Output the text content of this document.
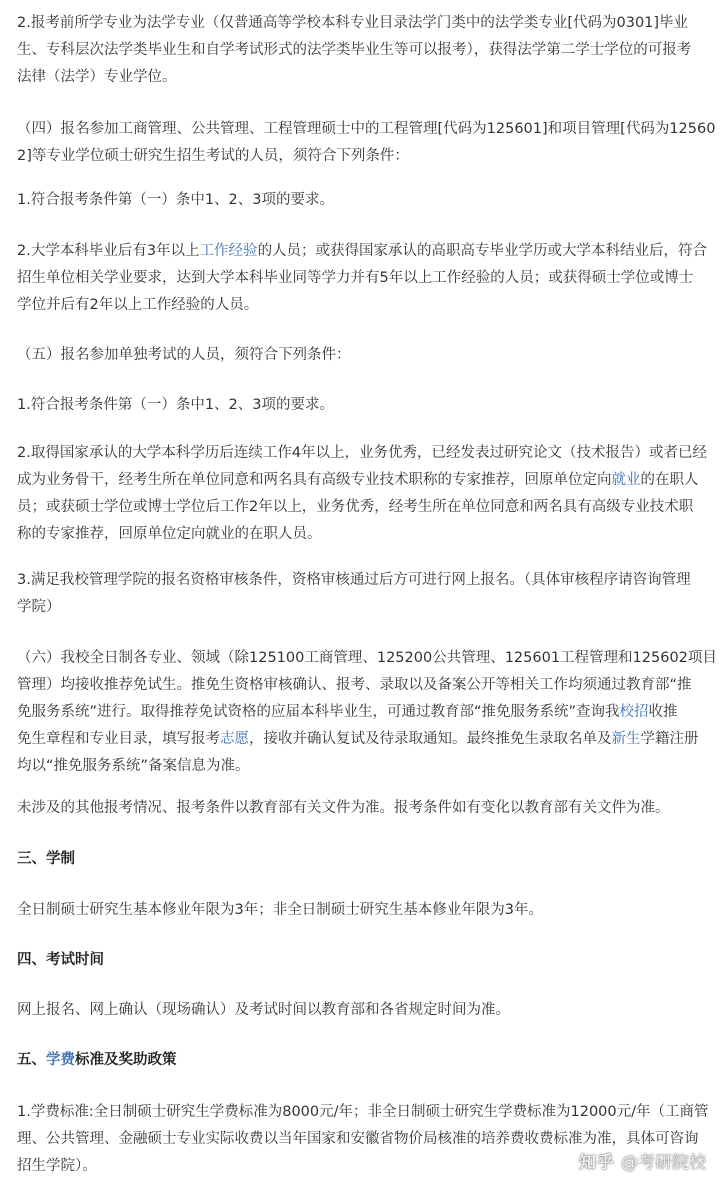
2.报考前所学专业为法学专业（仅普通高等学校本科专业目录法学门类中的法学类专业[代码为0301]毕业
生、专科层次法学类毕业生和自学考试形式的法学类毕业生等可以报考），获得法学第二学士学位的可报考
法律（法学）专业学位。

（四）报名参加工商管理、公共管理、工程管理硕士中的工程管理[代码为125601]和项目管理[代码为12560
2]等专业学位硕士研究生招生考试的人员，须符合下列条件：

1.符合报考条件第（一）条中1、2、3项的要求。

2.大学本科毕业后有3年以上工作经验的人员；或获得国家承认的高职高专毕业学历或大学本科结业后，符合
招生单位相关学业要求，达到大学本科毕业同等学力并有5年以上工作经验的人员；或获得硕士学位或博士
学位并后有2年以上工作经验的人员。

（五）报名参加单独考试的人员，须符合下列条件：

1.符合报考条件第（一）条中1、2、3项的要求。

2.取得国家承认的大学本科学历后连续工作4年以上，业务优秀，已经发表过研究论文（技术报告）或者已经
成为业务骨干，经考生所在单位同意和两名具有高级专业技术职称的专家推荐，回原单位定向就业的在职人
员；或获硕士学位或博士学位后工作2年以上，业务优秀，经考生所在单位同意和两名具有高级专业技术职
称的专家推荐，回原单位定向就业的在职人员。

3.满足我校管理学院的报名资格审核条件，资格审核通过后方可进行网上报名。（具体审核程序请咨询管理
学院）

（六）我校全日制各专业、领域（除125100工商管理、125200公共管理、125601工程管理和125602项目
管理）均接收推荐免试生。推免生资格审核确认、报考、录取以及备案公开等相关工作均须通过教育部“推
免服务系统”进行。取得推荐免试资格的应届本科毕业生，可通过教育部“推免服务系统”查询我校招收推
免生章程和专业目录，填写报考志愿，接收并确认复试及待录取通知。最终推免生录取名单及新生学籍注册
均以“推免服务系统”备案信息为准。

未涉及的其他报考情况、报考条件以教育部有关文件为准。报考条件如有变化以教育部有关文件为准。

三、学制

全日制硕士研究生基本修业年限为3年；非全日制硕士研究生基本修业年限为3年。

四、考试时间

网上报名、网上确认（现场确认）及考试时间以教育部和各省规定时间为准。

五、学费标准及奖助政策

1.学费标准:全日制硕士研究生学费标准为8000元/年；非全日制硕士研究生学费标准为12000元/年（工商管
理、公共管理、金融硕士专业实际收费以当年国家和安徽省物价局核准的培养费收费标准为准，具体可咨询
招生学院）。	知乎 @考研院校
